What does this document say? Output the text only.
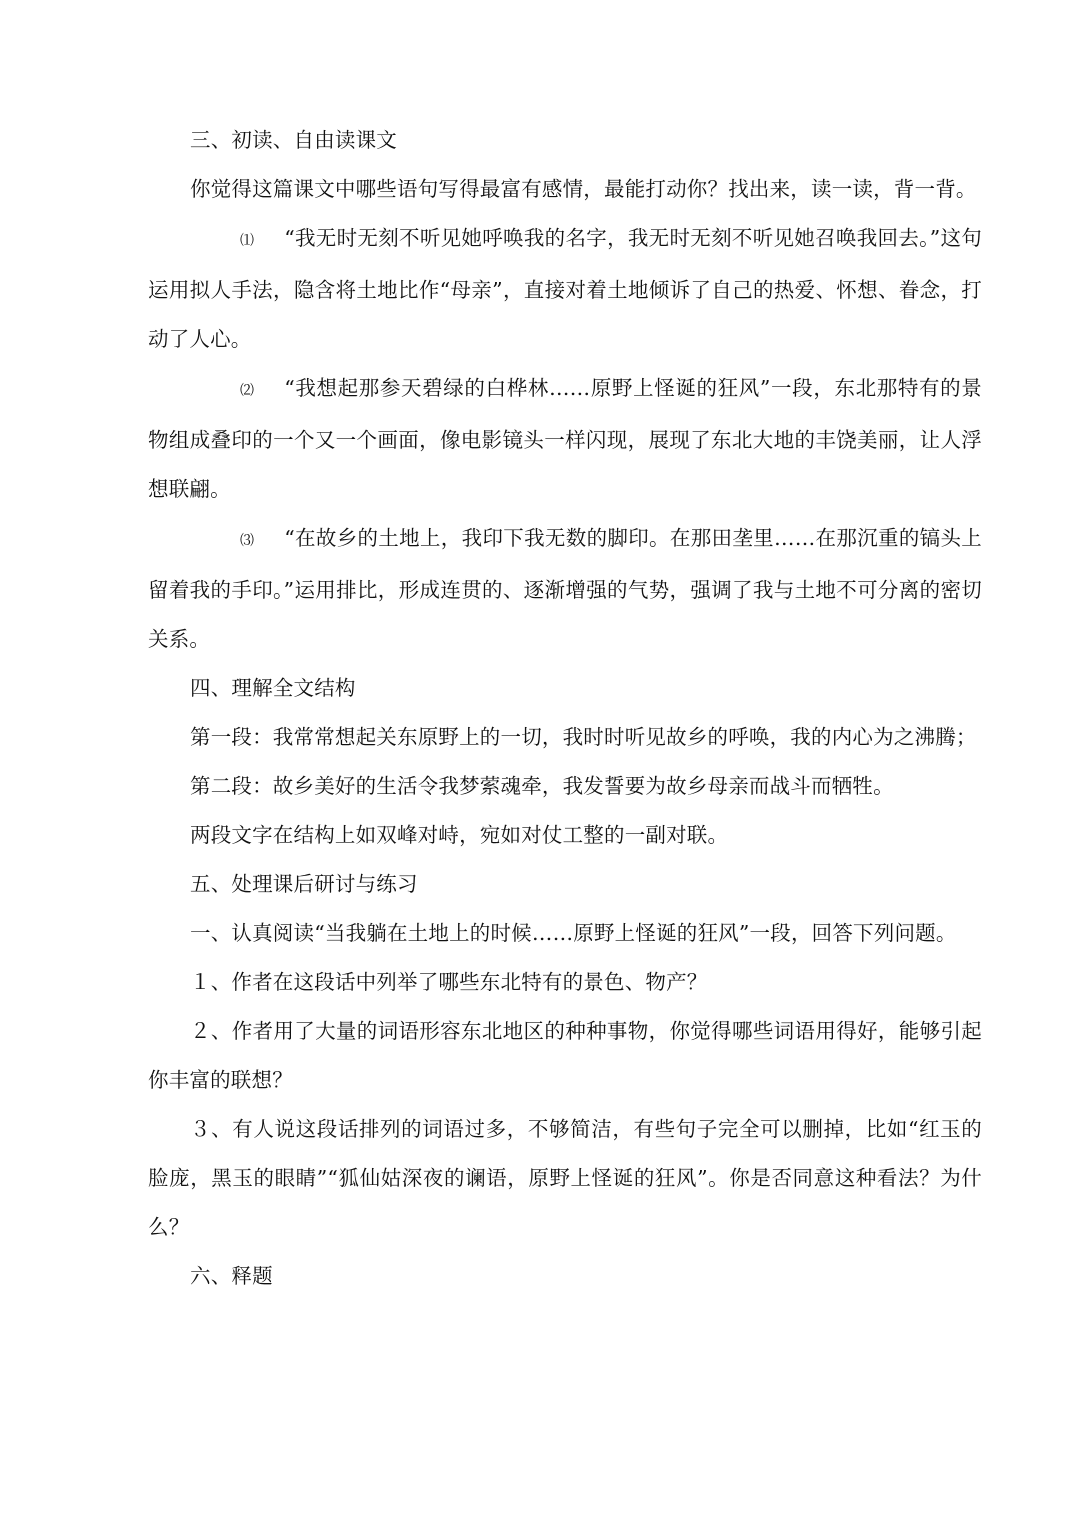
三、初读、自由读课文

你觉得这篇课文中哪些语句写得最富有感情，最能打动你？找出来，读一读，背一背。

⑴ “我无时无刻不听见她呼唤我的名字，我无时无刻不听见她召唤我回去。”这句运用拟人手法，隐含将土地比作“母亲”，直接对着土地倾诉了自己的热爱、怀想、眷念，打动了人心。

⑵ “我想起那参天碧绿的白桦林……原野上怪诞的狂风”一段，东北那特有的景物组成叠印的一个又一个画面，像电影镜头一样闪现，展现了东北大地的丰饶美丽，让人浮想联翩。

⑶ “在故乡的土地上，我印下我无数的脚印。在那田垄里……在那沉重的镐头上留着我的手印。”运用排比，形成连贯的、逐渐增强的气势，强调了我与土地不可分离的密切关系。

四、理解全文结构

第一段：我常常想起关东原野上的一切，我时时听见故乡的呼唤，我的内心为之沸腾；

第二段：故乡美好的生活令我梦萦魂牵，我发誓要为故乡母亲而战斗而牺牲。

两段文字在结构上如双峰对峙，宛如对仗工整的一副对联。

五、处理课后研讨与练习

一、认真阅读“当我躺在土地上的时候……原野上怪诞的狂风”一段，回答下列问题。

１、作者在这段话中列举了哪些东北特有的景色、物产？

２、作者用了大量的词语形容东北地区的种种事物，你觉得哪些词语用得好，能够引起你丰富的联想？

３、有人说这段话排列的词语过多，不够简洁，有些句子完全可以删掉，比如“红玉的脸庞，黑玉的眼睛”“狐仙姑深夜的谰语，原野上怪诞的狂风”。你是否同意这种看法？为什么？

六、释题
